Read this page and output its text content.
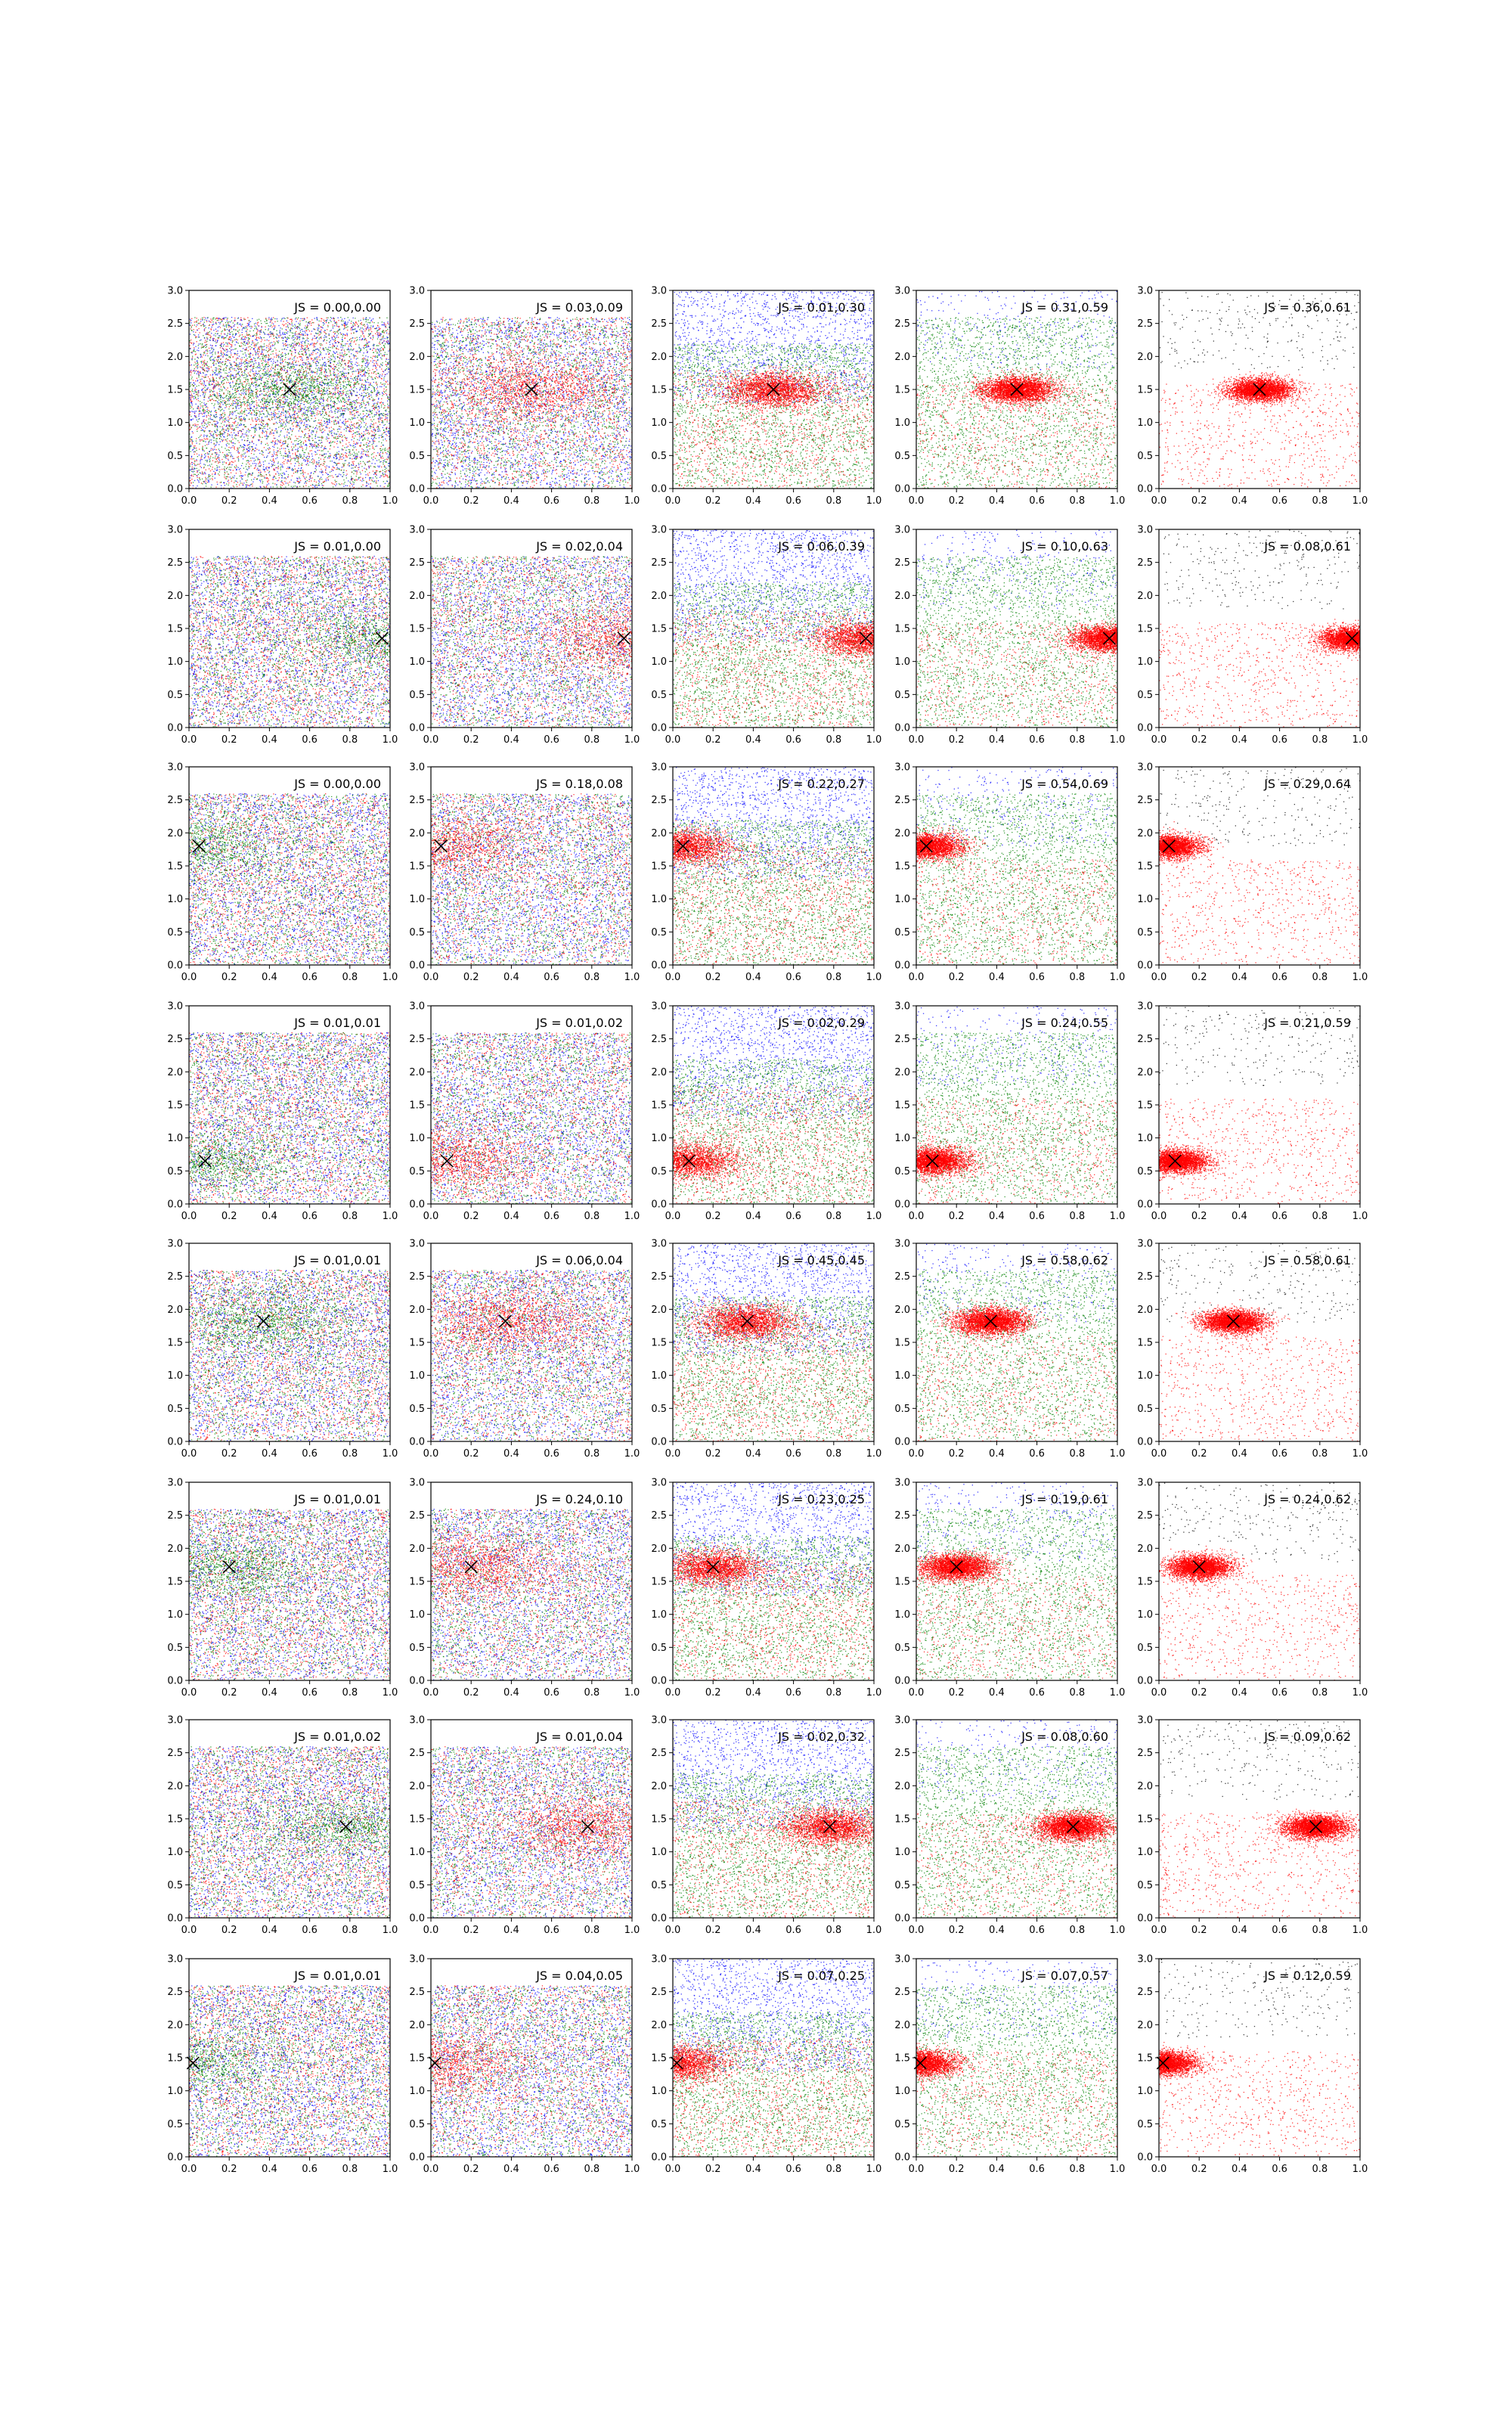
0.0	0.2	0.4	0.6	0.8	1.0
0.0
0.5
1.0
1.5
2.0
2.5
3.0
JS = 0.00,0.00
0.0	0.2	0.4	0.6	0.8	1.0
0.0
0.5
1.0
1.5
2.0
2.5
3.0
JS = 0.03,0.09
0.0	0.2	0.4	0.6	0.8	1.0
0.0
0.5
1.0
1.5
2.0
2.5
3.0
JS = 0.01,0.30
0.0	0.2	0.4	0.6	0.8	1.0
0.0
0.5
1.0
1.5
2.0
2.5
3.0
JS = 0.31,0.59
0.0	0.2	0.4	0.6	0.8	1.0
0.0
0.5
1.0
1.5
2.0
2.5
3.0
JS = 0.36,0.61
0.0	0.2	0.4	0.6	0.8	1.0
0.0
0.5
1.0
1.5
2.0
2.5
3.0
JS = 0.01,0.00
0.0	0.2	0.4	0.6	0.8	1.0
0.0
0.5
1.0
1.5
2.0
2.5
3.0
JS = 0.02,0.04
0.0	0.2	0.4	0.6	0.8	1.0
0.0
0.5
1.0
1.5
2.0
2.5
3.0
JS = 0.06,0.39
0.0	0.2	0.4	0.6	0.8	1.0
0.0
0.5
1.0
1.5
2.0
2.5
3.0
JS = 0.10,0.63
0.0	0.2	0.4	0.6	0.8	1.0
0.0
0.5
1.0
1.5
2.0
2.5
3.0
JS = 0.08,0.61
0.0	0.2	0.4	0.6	0.8	1.0
0.0
0.5
1.0
1.5
2.0
2.5
3.0
JS = 0.00,0.00
0.0	0.2	0.4	0.6	0.8	1.0
0.0
0.5
1.0
1.5
2.0
2.5
3.0
JS = 0.18,0.08
0.0	0.2	0.4	0.6	0.8	1.0
0.0
0.5
1.0
1.5
2.0
2.5
3.0
JS = 0.22,0.27
0.0	0.2	0.4	0.6	0.8	1.0
0.0
0.5
1.0
1.5
2.0
2.5
3.0
JS = 0.54,0.69
0.0	0.2	0.4	0.6	0.8	1.0
0.0
0.5
1.0
1.5
2.0
2.5
3.0
JS = 0.29,0.64
0.0	0.2	0.4	0.6	0.8	1.0
0.0
0.5
1.0
1.5
2.0
2.5
3.0
JS = 0.01,0.01
0.0	0.2	0.4	0.6	0.8	1.0
0.0
0.5
1.0
1.5
2.0
2.5
3.0
JS = 0.01,0.02
0.0	0.2	0.4	0.6	0.8	1.0
0.0
0.5
1.0
1.5
2.0
2.5
3.0
JS = 0.02,0.29
0.0	0.2	0.4	0.6	0.8	1.0
0.0
0.5
1.0
1.5
2.0
2.5
3.0
JS = 0.24,0.55
0.0	0.2	0.4	0.6	0.8	1.0
0.0
0.5
1.0
1.5
2.0
2.5
3.0
JS = 0.21,0.59
0.0	0.2	0.4	0.6	0.8	1.0
0.0
0.5
1.0
1.5
2.0
2.5
3.0
JS = 0.01,0.01
0.0	0.2	0.4	0.6	0.8	1.0
0.0
0.5
1.0
1.5
2.0
2.5
3.0
JS = 0.06,0.04
0.0	0.2	0.4	0.6	0.8	1.0
0.0
0.5
1.0
1.5
2.0
2.5
3.0
JS = 0.45,0.45
0.0	0.2	0.4	0.6	0.8	1.0
0.0
0.5
1.0
1.5
2.0
2.5
3.0
JS = 0.58,0.62
0.0	0.2	0.4	0.6	0.8	1.0
0.0
0.5
1.0
1.5
2.0
2.5
3.0
JS = 0.58,0.61
0.0	0.2	0.4	0.6	0.8	1.0
0.0
0.5
1.0
1.5
2.0
2.5
3.0
JS = 0.01,0.01
0.0	0.2	0.4	0.6	0.8	1.0
0.0
0.5
1.0
1.5
2.0
2.5
3.0
JS = 0.24,0.10
0.0	0.2	0.4	0.6	0.8	1.0
0.0
0.5
1.0
1.5
2.0
2.5
3.0
JS = 0.23,0.25
0.0	0.2	0.4	0.6	0.8	1.0
0.0
0.5
1.0
1.5
2.0
2.5
3.0
JS = 0.19,0.61
0.0	0.2	0.4	0.6	0.8	1.0
0.0
0.5
1.0
1.5
2.0
2.5
3.0
JS = 0.24,0.62
0.0	0.2	0.4	0.6	0.8	1.0
0.0
0.5
1.0
1.5
2.0
2.5
3.0
JS = 0.01,0.02
0.0	0.2	0.4	0.6	0.8	1.0
0.0
0.5
1.0
1.5
2.0
2.5
3.0
JS = 0.01,0.04
0.0	0.2	0.4	0.6	0.8	1.0
0.0
0.5
1.0
1.5
2.0
2.5
3.0
JS = 0.02,0.32
0.0	0.2	0.4	0.6	0.8	1.0
0.0
0.5
1.0
1.5
2.0
2.5
3.0
JS = 0.08,0.60
0.0	0.2	0.4	0.6	0.8	1.0
0.0
0.5
1.0
1.5
2.0
2.5
3.0
JS = 0.09,0.62
0.0	0.2	0.4	0.6	0.8	1.0
0.0
0.5
1.0
1.5
2.0
2.5
3.0
JS = 0.01,0.01
0.0	0.2	0.4	0.6	0.8	1.0
0.0
0.5
1.0
1.5
2.0
2.5
3.0
JS = 0.04,0.05
0.0	0.2	0.4	0.6	0.8	1.0
0.0
0.5
1.0
1.5
2.0
2.5
3.0
JS = 0.07,0.25
0.0	0.2	0.4	0.6	0.8	1.0
0.0
0.5
1.0
1.5
2.0
2.5
3.0
JS = 0.07,0.57
0.0	0.2	0.4	0.6	0.8	1.0
0.0
0.5
1.0
1.5
2.0
2.5
3.0
JS = 0.12,0.59
